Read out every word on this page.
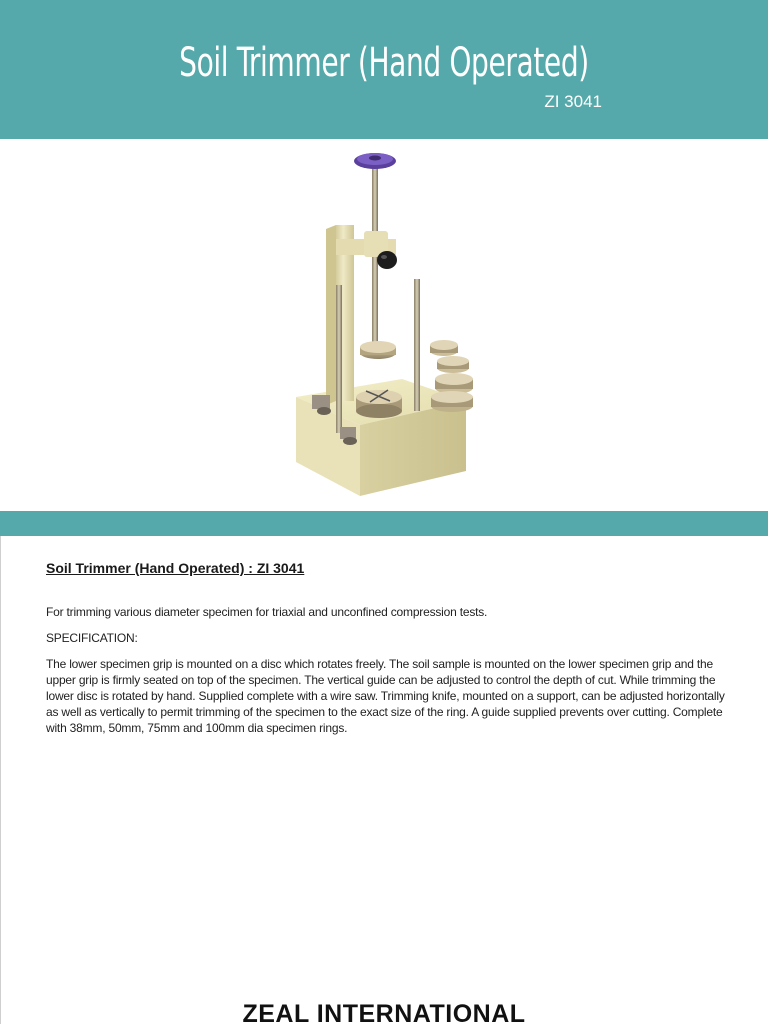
Soil Trimmer (Hand Operated)
ZI 3041
Soil Trimmer (Hand Operated) : ZI 3041
For trimming various diameter specimen for triaxial and unconfined compression tests.
SPECIFICATION:
The lower specimen grip is mounted on a disc which rotates freely. The soil sample is mounted on the lower specimen grip and the upper grip is firmly seated on top of the specimen. The vertical guide can be adjusted to control the depth of cut. While trimming the lower disc is rotated by hand. Supplied complete with a wire saw. Trimming knife, mounted on a support, can be adjusted horizontally as well as vertically to permit trimming of the specimen to the exact size of the ring. A guide supplied prevents over cutting. Complete with 38mm, 50mm, 75mm and 100mm dia specimen rings.
ZEAL INTERNATIONAL
